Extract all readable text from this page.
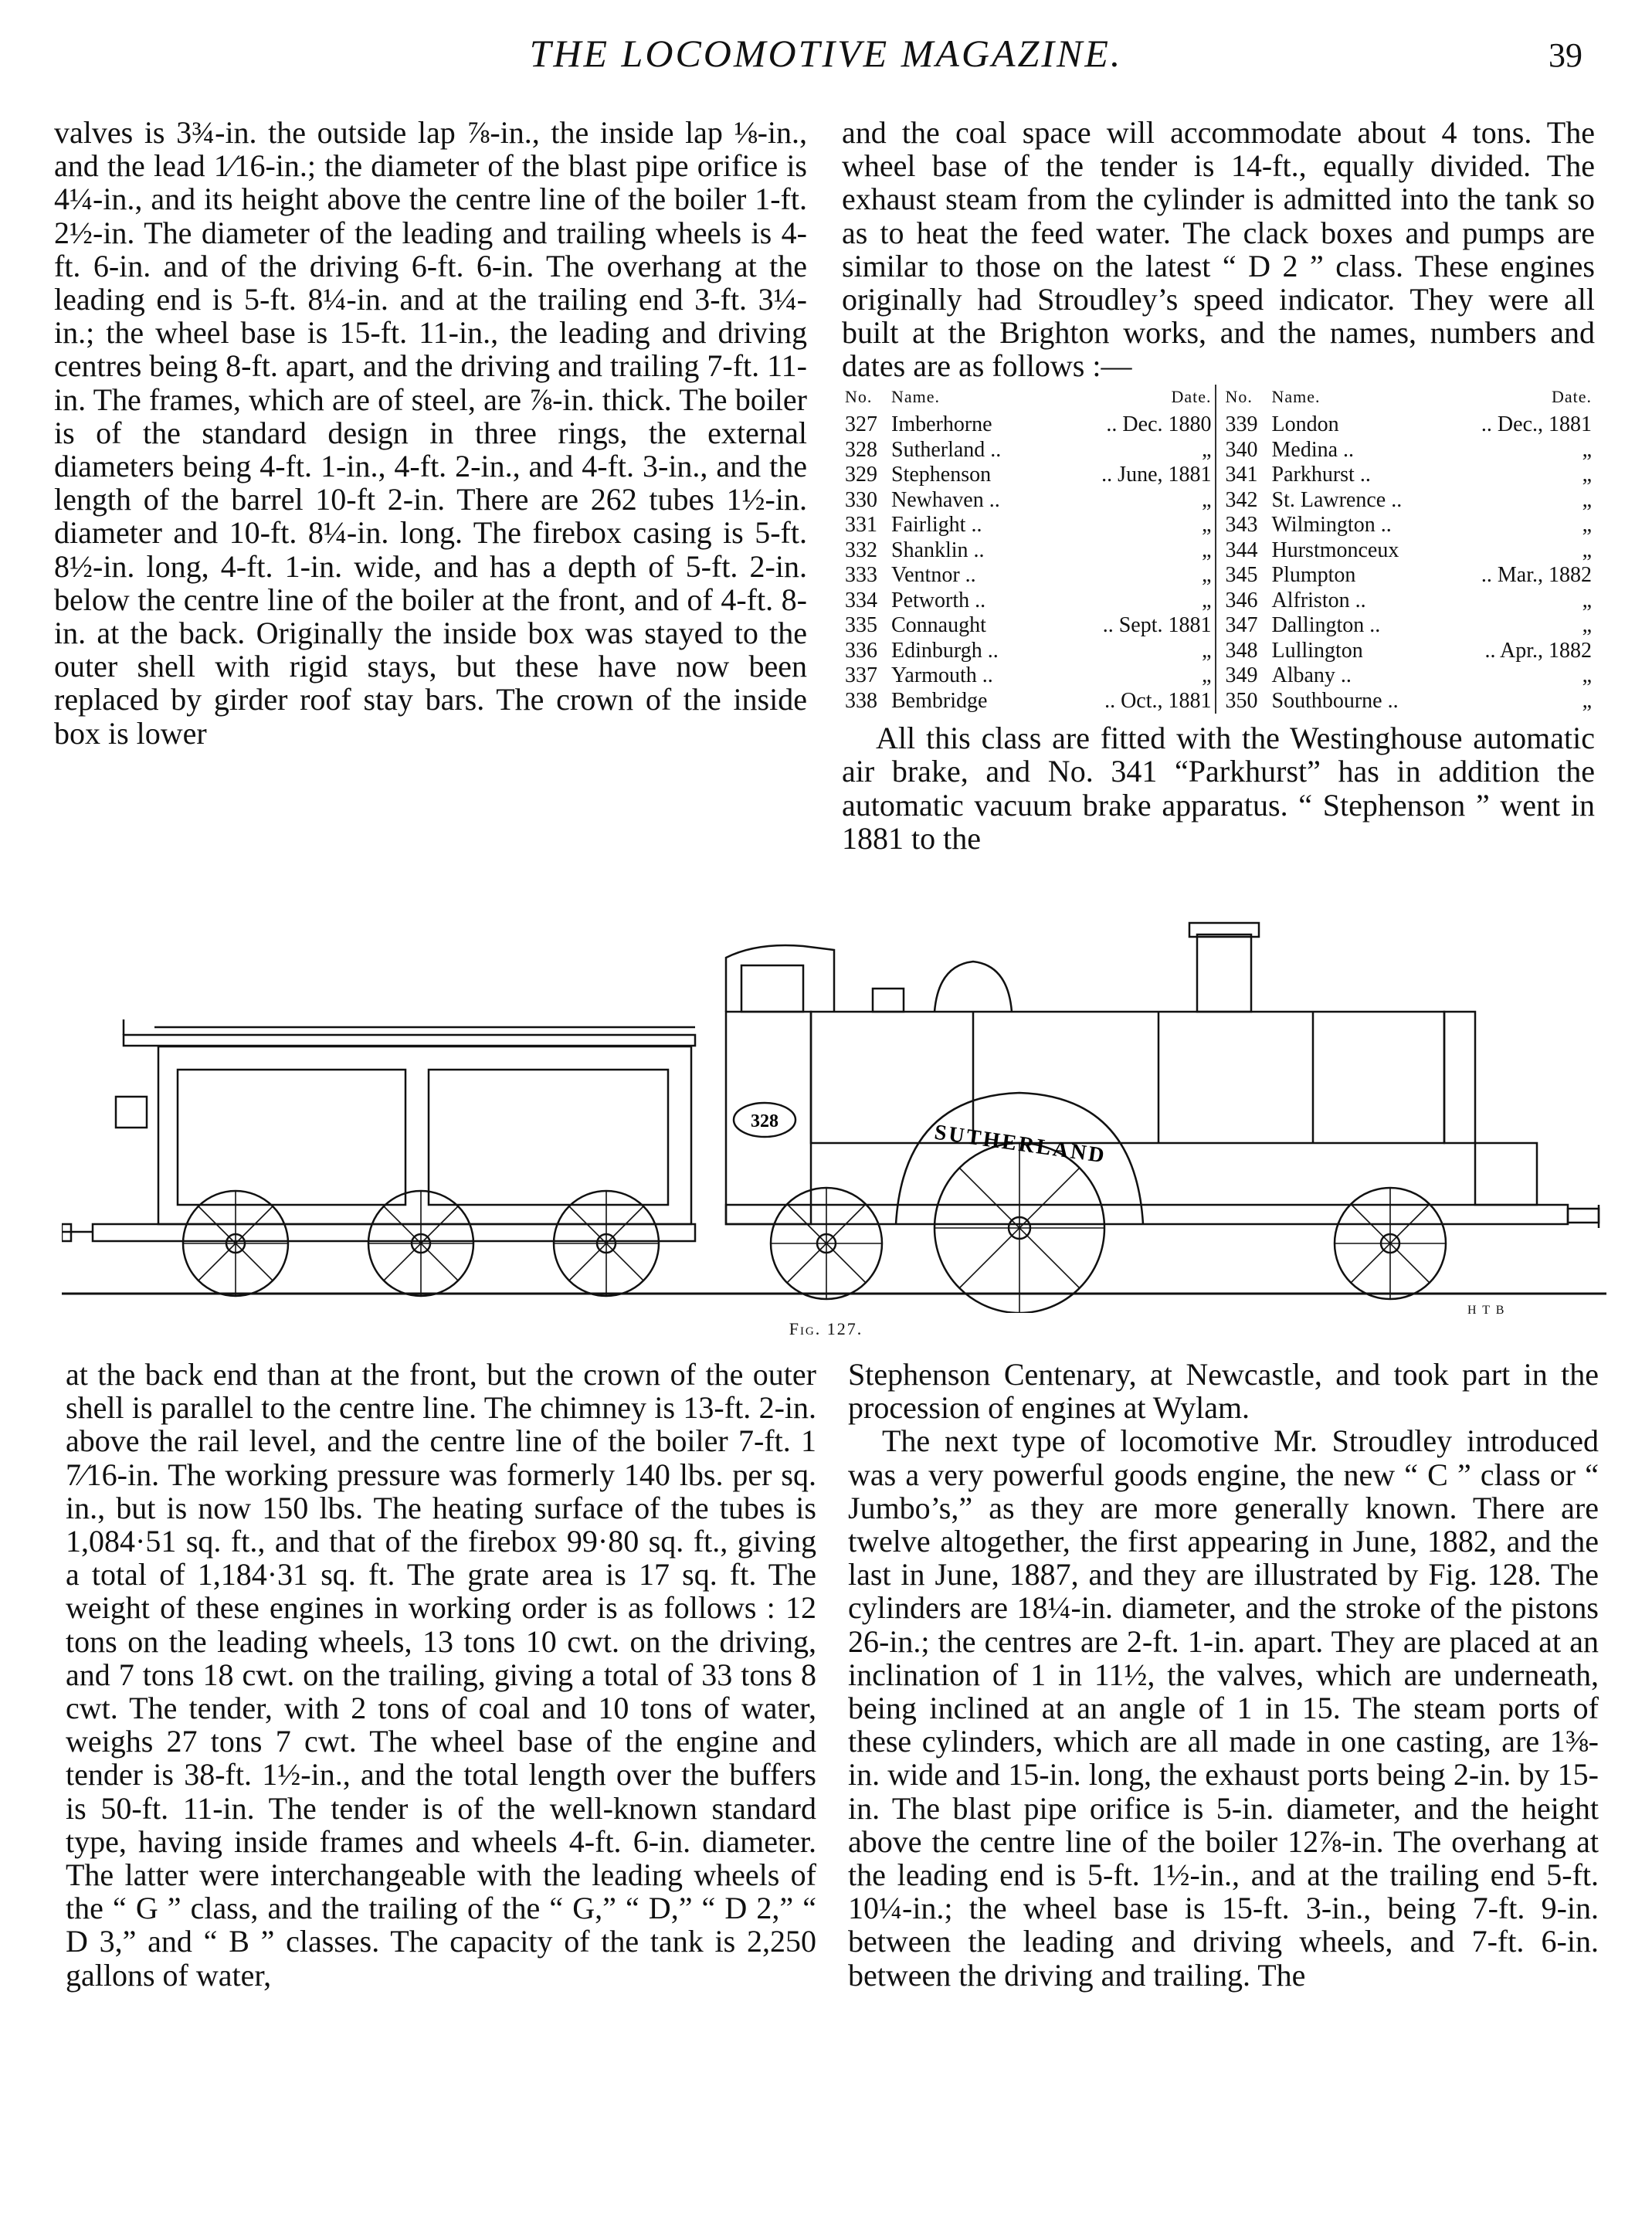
THE LOCOMOTIVE MAGAZINE.	39

valves is 3¾-in. the outside lap ⅞-in., the inside lap ⅛-in., and the lead 1⁄16-in.; the diameter of the blast pipe orifice is 4¼-in., and its height above the centre line of the boiler 1-ft. 2½-in. The diameter of the leading and trailing wheels is 4-ft. 6-in. and of the driving 6-ft. 6-in. The overhang at the leading end is 5-ft. 8¼-in. and at the trailing end 3-ft. 3¼-in.; the wheel base is 15-ft. 11-in., the leading and driving centres being 8-ft. apart, and the driving and trailing 7-ft. 11-in. The frames, which are of steel, are ⅞-in. thick. The boiler is of the standard design in three rings, the external diameters being 4-ft. 1-in., 4-ft. 2-in., and 4-ft. 3-in., and the length of the barrel 10-ft 2-in. There are 262 tubes 1½-in. diameter and 10-ft. 8¼-in. long. The firebox casing is 5-ft. 8½-in. long, 4-ft. 1-in. wide, and has a depth of 5-ft. 2-in. below the centre line of the boiler at the front, and of 4-ft. 8-in. at the back. Originally the inside box was stayed to the outer shell with rigid stays, but these have now been replaced by girder roof stay bars. The crown of the inside box is lower

and the coal space will accommodate about 4 tons. The wheel base of the tender is 14-ft., equally divided. The exhaust steam from the cylinder is admitted into the tank so as to heat the feed water. The clack boxes and pumps are similar to those on the latest “ D 2 ” class. These engines originally had Stroudley’s speed indicator. They were all built at the Brighton works, and the names, numbers and dates are as follows :—

No.	Name.	Date.
327 Imberhorne	.. Dec. 1880
328 Sutherland ..	„
329 Stephenson	.. June, 1881
330 Newhaven ..	„
331 Fairlight ..	„
332 Shanklin ..	„
333 Ventnor ..	„
334 Petworth ..	„
335 Connaught	.. Sept. 1881
336 Edinburgh ..	„
337 Yarmouth ..	„
338 Bembridge	.. Oct., 1881
No.	Name.	Date.
339 London	.. Dec., 1881
340 Medina ..	„
341 Parkhurst ..	„
342 St. Lawrence ..	„
343 Wilmington ..	„
344 Hurstmonceux	„
345 Plumpton	.. Mar., 1882
346 Alfriston ..	„
347 Dallington ..	„
348 Lullington	.. Apr., 1882
349 Albany ..	„
350 Southbourne ..	„

All this class are fitted with the Westinghouse automatic air brake, and No. 341 “Parkhurst” has in addition the automatic vacuum brake apparatus. “ Stephenson ” went in 1881 to the

SUTHERLAND
328
H T B
Fig. 127.

at the back end than at the front, but the crown of the outer shell is parallel to the centre line. The chimney is 13-ft. 2-in. above the rail level, and the centre line of the boiler 7-ft. 1 7⁄16-in. The working pressure was formerly 140 lbs. per sq. in., but is now 150 lbs. The heating surface of the tubes is 1,084·51 sq. ft., and that of the firebox 99·80 sq. ft., giving a total of 1,184·31 sq. ft. The grate area is 17 sq. ft. The weight of these engines in working order is as follows : 12 tons on the leading wheels, 13 tons 10 cwt. on the driving, and 7 tons 18 cwt. on the trailing, giving a total of 33 tons 8 cwt. The tender, with 2 tons of coal and 10 tons of water, weighs 27 tons 7 cwt. The wheel base of the engine and tender is 38-ft. 1½-in., and the total length over the buffers is 50-ft. 11-in. The tender is of the well-known standard type, having inside frames and wheels 4-ft. 6-in. diameter. The latter were interchangeable with the leading wheels of the “ G ” class, and the trailing of the “ G,” “ D,” “ D 2,” “ D 3,” and “ B ” classes. The capacity of the tank is 2,250 gallons of water,

Stephenson Centenary, at Newcastle, and took part in the procession of engines at Wylam.

The next type of locomotive Mr. Stroudley introduced was a very powerful goods engine, the new “ C ” class or “ Jumbo’s,” as they are more generally known. There are twelve altogether, the first appearing in June, 1882, and the last in June, 1887, and they are illustrated by Fig. 128. The cylinders are 18¼-in. diameter, and the stroke of the pistons 26-in.; the centres are 2-ft. 1-in. apart. They are placed at an inclination of 1 in 11½, the valves, which are underneath, being inclined at an angle of 1 in 15. The steam ports of these cylinders, which are all made in one casting, are 1⅜-in. wide and 15-in. long, the exhaust ports being 2-in. by 15-in. The blast pipe orifice is 5-in. diameter, and the height above the centre line of the boiler 12⅞-in. The overhang at the leading end is 5-ft. 1½-in., and at the trailing end 5-ft. 10¼-in.; the wheel base is 15-ft. 3-in., being 7-ft. 9-in. between the leading and driving wheels, and 7-ft. 6-in. between the driving and trailing. The
